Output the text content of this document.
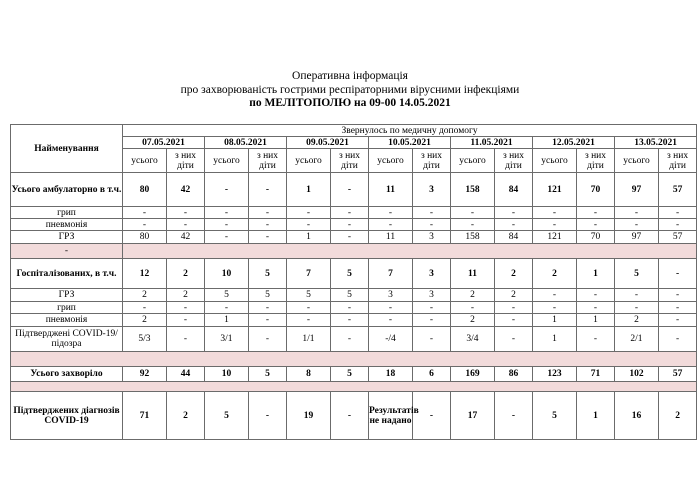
Оперативна інформація
про захворюваність гострими респіраторними вірусними інфекціями
по МЕЛІТОПОЛЮ на 09-00 14.05.2021
Найменування	Звернулось по медичну допомогу													
	07.05.2021		08.05.2021		09.05.2021		10.05.2021		11.05.2021		12.05.2021		13.05.2021	
	усього	з них діти	усього	з них діти	усього	з них діти	усього	з них діти	усього	з них діти	усього	з них діти	усього	з них діти
Усього амбулаторно в т.ч.	80	42	-	-	1	-	11	3	158	84	121	70	97	57
грип	-	-	-	-	-	-	-	-	-	-	-	-	-	-
пневмонія	-	-	-	-	-	-	-	-	-	-	-	-	-	-
ГРЗ	80	42	-	-	1	-	11	3	158	84	121	70	97	57
-														
Госпіталізованих, в т.ч.	12	2	10	5	7	5	7	3	11	2	2	1	5	-
ГРЗ	2	2	5	5	5	5	3	3	2	2	-	-	-	-
грип	-	-	-	-	-	-	-	-	-	-	-	-	-	-
пневмонія	2	-	1	-	-	-	-	-	2	-	1	1	2	-
Підтверджені COVID-19/підозра	5/3	-	3/1	-	1/1	-	-/4	-	3/4	-	1	-	2/1	-

Усього захворіло	92	44	10	5	8	5	18	6	169	86	123	71	102	57

Підтверджених діагнозів COVID-19	71	2	5	-	19	-	Результатів не надано	-	17	-	5	1	16	2
